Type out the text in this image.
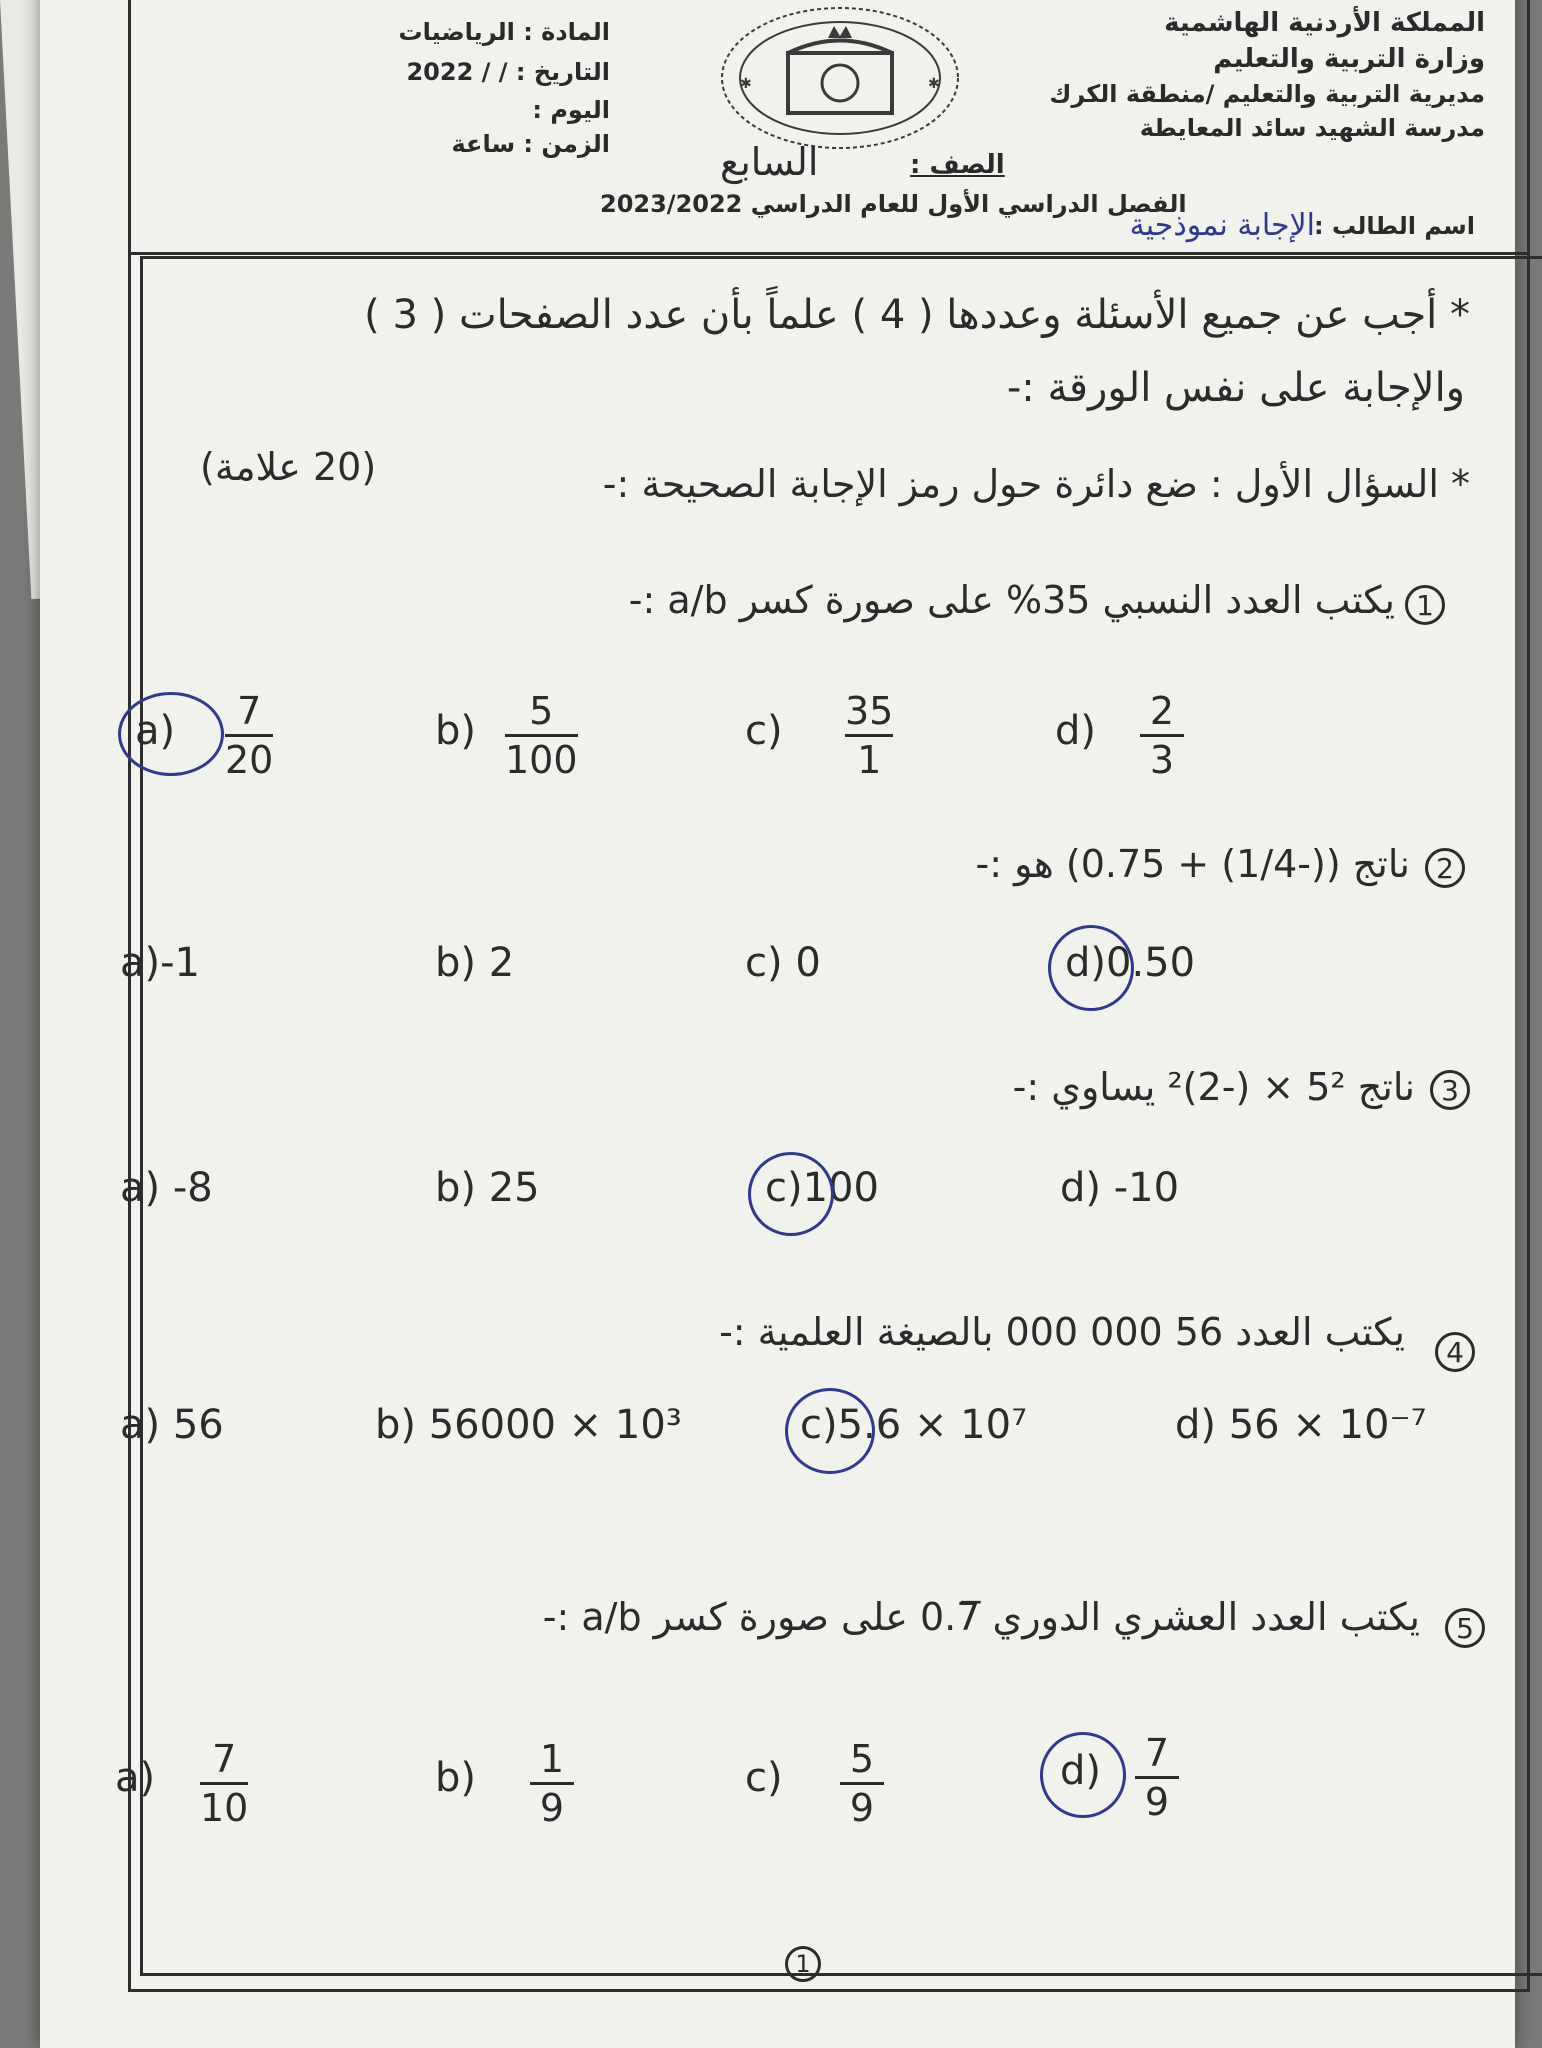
المملكة الأردنية الهاشمية
وزارة التربية والتعليم
مديرية التربية والتعليم /منطقة الكرك
مدرسة الشهيد سائد المعايطة
المادة : الرياضيات
التاريخ : / / 2022
اليوم :
الزمن : ساعة
✱	✱
الصف :
السابع
الفصل الدراسي الأول للعام الدراسي 2023/2022
اسم الطالب :
الإجابة نموذجية
* أجب عن جميع الأسئلة وعددها ( 4 ) علماً بأن عدد الصفحات ( 3 )
والإجابة على نفس الورقة :-
* السؤال الأول : ضع دائرة حول رمز الإجابة الصحيحة :-
(20 علامة)
1
يكتب العدد النسبي 35% على صورة كسر a/b :-
a) 7
20
b) 5
100
c) 35
1
d) 2
3
2
ناتج ((-1/4) + 0.75) هو :-
a)-1	b) 2	c) 0	d)0.50
3
ناتج 5² × (-2)² يساوي :-
a) -8	b) 25	c)100	d) -10
4
يكتب العدد 56 000 000 بالصيغة العلمية :-
a) 56	b) 56000 × 10³	c)5.6 × 10⁷	d) 56 × 10⁻⁷
5
يكتب العدد العشري الدوري 0.7̅ على صورة كسر a/b :-
a) 7
10
b) 1
9
c) 5
9
d) 7
9
1
